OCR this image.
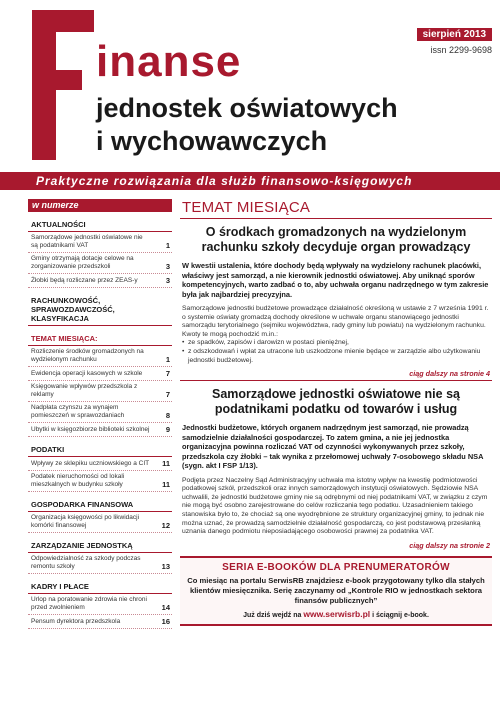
inanse
jednostek oświatowych
i wychowawczych
sierpień 2013
issn 2299-9698
Praktyczne rozwiązania dla służb finansowo-księgowych
w numerze
AKTUALNOŚCI
Samorządowe jednostki oświatowe nie są podatnikami VAT	1
Gminy otrzymają dotacje celowe na zorganizowanie przedszkoli	3
Żłobki będą rozliczane przez ZEAS-y	3
RACHUNKOWOŚĆ, SPRAWOZDAWCZOŚĆ, KLASYFIKACJA
TEMAT MIESIĄCA:
Rozliczenie środków gromadzonych na wydzielonym rachunku	1
Ewidencja operacji kasowych w szkole	7
Księgowanie wpływów przedszkola z reklamy	7
Nadpłata czynszu za wynajem pomieszczeń w sprawozdaniach	8
Ubytki w księgozbiorze biblioteki szkolnej 9
PODATKI
Wpływy ze sklepiku uczniowskiego a CIT 11
Podatek nieruchomości od lokali mieszkalnych w budynku szkoły	11
GOSPODARKA FINANSOWA
Organizacja księgowości po likwidacji komórki finansowej	12
ZARZĄDZANIE JEDNOSTKĄ
Odpowiedzialność za szkody podczas remontu szkoły	13
KADRY I PŁACE
Urlop na poratowanie zdrowia nie chroni przed zwolnieniem	14
Pensum dyrektora przedszkola	16
TEMAT MIESIĄCA
O środkach gromadzonych na wydzielonym rachunku szkoły decyduje organ prowadzący
W kwestii ustalenia, które dochody będą wpływały na wydzielony rachunek placówki, właściwy jest samorząd, a nie kierownik jednostki oświatowej. Aby uniknąć sporów kompetencyjnych, warto zadbać o to, aby uchwała organu nadrzędnego w tym zakresie była jak najbardziej precyzyjna.
Samorządowe jednostki budżetowe prowadzące działalność określoną w ustawie z 7 września 1991 r. o systemie oświaty gromadzą dochody określone w uchwale organu stanowiącego jednostki samorządu terytorialnego (sejmiku województwa, rady gminy lub powiatu) na wydzielonym rachunku. Kwoty te mogą pochodzić m.in.:
• ze spadków, zapisów i darowizn w postaci pieniężnej,
• z odszkodowań i wpłat za utracone lub uszkodzone mienie będące w zarządzie albo użytkowaniu jednostki budżetowej.
ciąg dalszy na stronie 4
Samorządowe jednostki oświatowe nie są podatnikami podatku od towarów i usług
Jednostki budżetowe, których organem nadrzędnym jest samorząd, nie prowadzą samodzielnie działalności gospodarczej. To zatem gmina, a nie jej jednostka organizacyjna powinna rozliczać VAT od czynności wykonywanych przez szkoły, przedszkola czy żłobki – tak wynika z przełomowej uchwały 7-osobowego składu NSA (sygn. akt I FSP 1/13).
Podjęta przez Naczelny Sąd Administracyjny uchwała ma istotny wpływ na kwestię podmiotowości podatkowej szkół, przedszkoli oraz innych samorządowych instytucji oświatowych. Sędziowie NSA uchwalili, że jednostki budżetowe gminy nie są odrębnymi od niej podatnikami VAT, w związku z czym nie mogą być osobno zarejestrowane do celów rozliczania tego podatku. Uzasadnieniem takiego stanowiska było to, że chociaż są one wyodrębnione ze struktury organizacyjnej gminy, to jednak nie można uznać, że prowadzą samodzielnie działalność gospodarczą, co jest podstawową przesłanką uznania danego podmiotu nieposiadającego osobowości prawnej za podatnika VAT.
ciąg dalszy na stronie 2
SERIA E-BOOKÓW DLA PRENUMERATORÓW
Co miesiąc na portalu SerwisRB znajdziesz e-book przygotowany tylko dla stałych klientów miesięcznika. Serię zaczynamy od „Kontrole RIO w jednostkach sektora finansów publicznych”
Już dziś wejdź na www.serwisrb.pl i ściągnij e-book.
